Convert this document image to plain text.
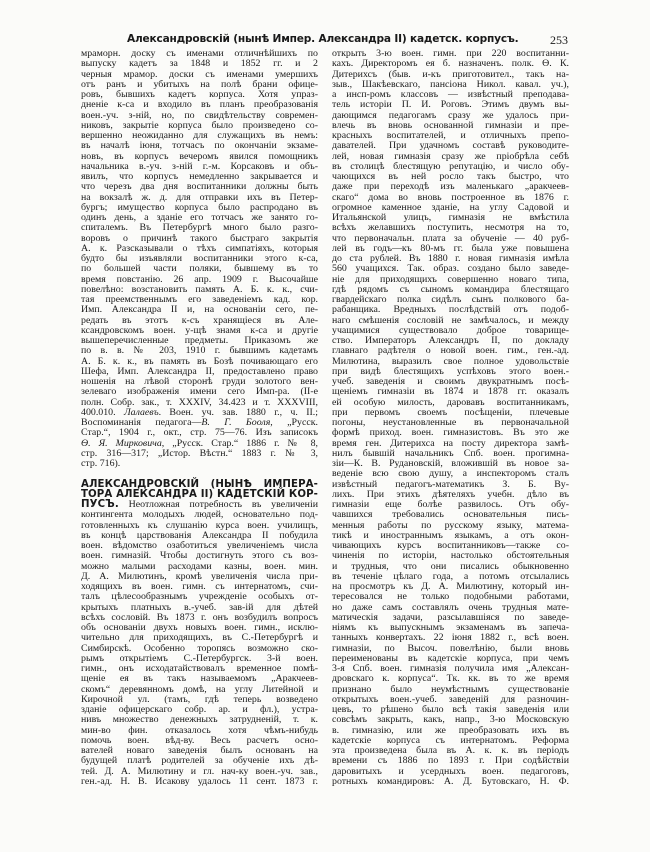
Александровскій (нынѣ Импер. Александра II) кадетск. корпусъ.	253
мраморн. доску съ именами отличнѣйшихъ по
выпуску кадетъ за 1848 и 1852 гг. и 2
черныя мрамор. доски съ именами умершихъ
отъ ранъ и убитыхъ на полѣ брани офице-
ровъ, бывшихъ кадетъ корпуса. Хотя упраз-
дненіе к-са и входило въ планъ преобразованія
воен.-уч. з-ній, но, по свидѣтельству современ-
никовъ, закрытіе корпуса было произведено со-
вершенно неожиданно для служащихъ въ немъ:
въ началѣ іюня, тотчасъ по окончаніи экзаме-
новъ, въ корпусъ вечеромъ явился помощникъ
начальника в.-уч. з-ній г.-м. Корсаковъ и объ-
явилъ, что корпусъ немедленно закрывается и
что черезъ два дня воспитанники должны быть
на вокзалѣ ж. д. для отправки ихъ въ Петер-
бургъ; имущество корпуса было распродано въ
одинъ день, а зданіе его тотчасъ же занято го-
спиталемъ. Въ Петербургѣ много было разго-
воровъ о причинѣ такого быстраго закрытія
А. к. Разсказывали о тѣхъ симпатіяхъ, которыя
будто бы изъявляли воспитанники этого к-са,
по большей части поляки, бывшему въ то
время повстанію. 26 апр. 1909 г. Высочайше
повелѣно: возстановить память А. Б. к. к., счи-
тая преемственнымъ его заведеніемъ кад. кор.
Имп. Александра II и, на основаніи сего, пе-
редать въ этотъ к-съ хранящіеся въ Але-
ксандровскомъ воен. у-щѣ знамя к-са и другіе
вышеперечисленные предметы. Приказомъ же
по в. в. № 203, 1910 г. бывшимъ кадетамъ
А. Б. к. к., въ память въ Бозѣ почивающаго его
Шефа, Имп. Александра II, предоставлено право
ношенія на лѣвой сторонѣ груди золотого вен-
зелеваго изображенія имени сего Имп-ра. (II-е
полн. Собр. зак., т. XXXIV, 34.423 и т. XXXVIII,
400.010. Лалаевъ. Воен. уч. зав. 1880 г., ч. II.;
Воспоминанія педагога—В. Г. Бооля, „Русск.
Стар.“, 1904 г., окт., стр. 75—76. Изъ записокъ
Ѳ. Я. Мирковича, „Русск. Стар.“ 1886 г. № 8,
стр. 316—317; „Истор. Вѣстн.“ 1883 г. № 3,
стр. 716).
АЛЕКСАНДРОВСКІЙ (НЫНѢ ИМПЕРА-
ТОРА АЛЕКСАНДРА II) КАДЕТСКІЙ КОР-
ПУСЪ. Неотложная потребность въ увеличеніи
контингента молодыхъ людей, основательно под-
готовленныхъ къ слушанію курса воен. училищъ,
въ концѣ царствованія Александра II побудила
воен. вѣдомство озаботиться увеличеніемъ числа
воен. гимназій. Чтобы достигнуть этого съ воз-
можно малыми расходами казны, воен. мин.
Д. А. Милютинъ, кромѣ увеличенія числа при-
ходящихъ въ воен. гимн. съ интернатомъ, счи-
талъ цѣлесообразнымъ учрежденіе особыхъ от-
крытыхъ платныхъ в.-учеб. зав-ій для дѣтей
всѣхъ сословій. Въ 1873 г. онъ возбудилъ вопросъ
объ основаніи двухъ новыхъ воен. гимн., исклю-
чительно для приходящихъ, въ С.-Петербургѣ и
Симбирскѣ. Особенно торопясь возможно ско-
рымъ открытіемъ С.-Петербургск. 3-й воен.
гимн., онъ исходатайствовалъ временное помѣ-
щеніе ея въ такъ называемомъ „Аракчеев-
скомъ“ деревянномъ домѣ, на углу Литейной и
Кирочной ул. (тамъ, гдѣ теперь возведено
зданіе офицерскаго собр. ар. и фл.), устра-
нивъ множество денежныхъ затрудненій, т. к.
мин-во фин. отказалось хотя чѣмъ-нибудь
помочь воен. вѣд-ву. Весь расчетъ осно-
вателей новаго заведенія былъ основанъ на
будущей платѣ родителей за обученіе ихъ дѣ-
тей. Д. А. Милютину и гл. нач-ку воен.-уч. зав.,
ген.-ад. Н. В. Исакову удалось 11 сент. 1873 г.
открыть 3-ю воен. гимн. при 220 воспитанни-
кахъ. Директоромъ ея б. назначенъ. полк. Ѳ. К.
Дитерихсъ (быв. и-къ приготовител., такъ на-
зыв., Шакѣевскаго, пансіона Никол. кавал. уч.),
а инсп-ромъ классовъ — извѣстный преподава-
тель исторіи П. И. Роговъ. Этимъ двумъ вы-
дающимся педагогамъ сразу же удалось при-
влечь въ вновь основанной гимназіи и пре-
красныхъ воспитателей, и отличныхъ препо-
давателей. При удачномъ составѣ руководите-
лей, новая гимназія сразу же пріобрѣла себѣ
въ столицѣ блестящую репутацію, и число обу-
чающихся въ ней росло такъ быстро, что
даже при переходѣ изъ маленькаго „аракчеев-
скаго“ дома во вновь построенное въ 1876 г.
огромное каменное зданіе, на углу Садовой и
Итальянской улицъ, гимназія не вмѣстила
всѣхъ желавшихъ поступить, несмотря на то,
что первоначальн. плата за обученіе — 40 руб-
лей въ годъ—къ 80-мъ гг. была уже повышена
до ста рублей. Въ 1880 г. новая гимназія имѣла
560 учащихся. Так. образ. создано было заведе-
ніе для приходящихъ совершенно новаго типа,
гдѣ рядомъ съ сыномъ командира блестящаго
гвардейскаго полка сидѣлъ сынъ полкового ба-
рабанщика. Вредныхъ послѣдствій отъ подоб-
наго смѣшенія сословій не замѣчалось, и между
учащимися существовало доброе товарище-
ство. Императоръ Александръ II, по докладу
главнаго радѣтеля о новой воен. гим., ген.-ад.
Милютина, выразилъ свое полное удовольствіе
при видѣ блестящихъ успѣховъ этого воен.-
учеб. заведенія и своимъ двукратнымъ посѣ-
щеніемъ гимназіи въ 1874 и 1878 гг. оказалъ
ей особую милость, даровавъ воспитанникамъ,
при первомъ своемъ посѣщеніи, плечевые
погоны, неустановленные въ первоначальной
формѣ приход. воен. гимназистовъ. Въ это же
время ген. Дитерихса на посту директора замѣ-
нилъ бывшій начальникъ Спб. воен. прогимна-
зіи—К. В. Рудановскій, вложившій въ новое за-
веденіе всю свою душу, а инспекторомъ сталъ
извѣстный педагогъ-математикъ З. Б. Ву-
лихъ. При этихъ дѣятеляхъ учебн. дѣло въ
гимназіи еще болѣе развилось. Отъ обу-
чавшихся требовались основательныя пись-
менныя работы по русскому языку, матема-
тикѣ и иностраннымъ языкамъ, а отъ окон-
чивающихъ курсъ воспитанниковъ—также со-
чиненія по исторіи, настолько обстоятельныя
и трудныя, что они писались обыкновенно
въ теченіе цѣлаго года, а потомъ отсылались
на просмотръ къ Д. А. Милютину, который ин-
тересовался не только подобными работами,
но даже самъ составлялъ очень трудныя мате-
матическія задачи, разсылавшіяся по заведе-
ніямъ къ выпускнымъ экзаменамъ въ запеча-
танныхъ конвертахъ. 22 іюня 1882 г., всѣ воен.
гимназіи, по Высоч. повелѣнію, были вновь
переименованы въ кадетскіе корпуса, при чемъ
3-я Спб. воен. гимназія получила имя „Алексан-
дровскаго к. корпуса“. Тк. кк. въ то же время
признано было неумѣстнымъ существованіе
открытыхъ воен.-учеб. заведеній для разночин-
цевъ, то рѣшено было всѣ такія заведенія или
совсѣмъ закрыть, какъ, напр., 3-ю Московскую
в. гимназію, или же преобразовать ихъ въ
кадетскіе корпуса съ интернатомъ. Реформа
эта произведена была въ А. к. к. въ періодъ
времени съ 1886 по 1893 г. При содѣйствіи
даровитыхъ и усердныхъ воен. педагоговъ,
ротныхъ командировъ: А. Д. Бутовскаго, Н. Ф.
